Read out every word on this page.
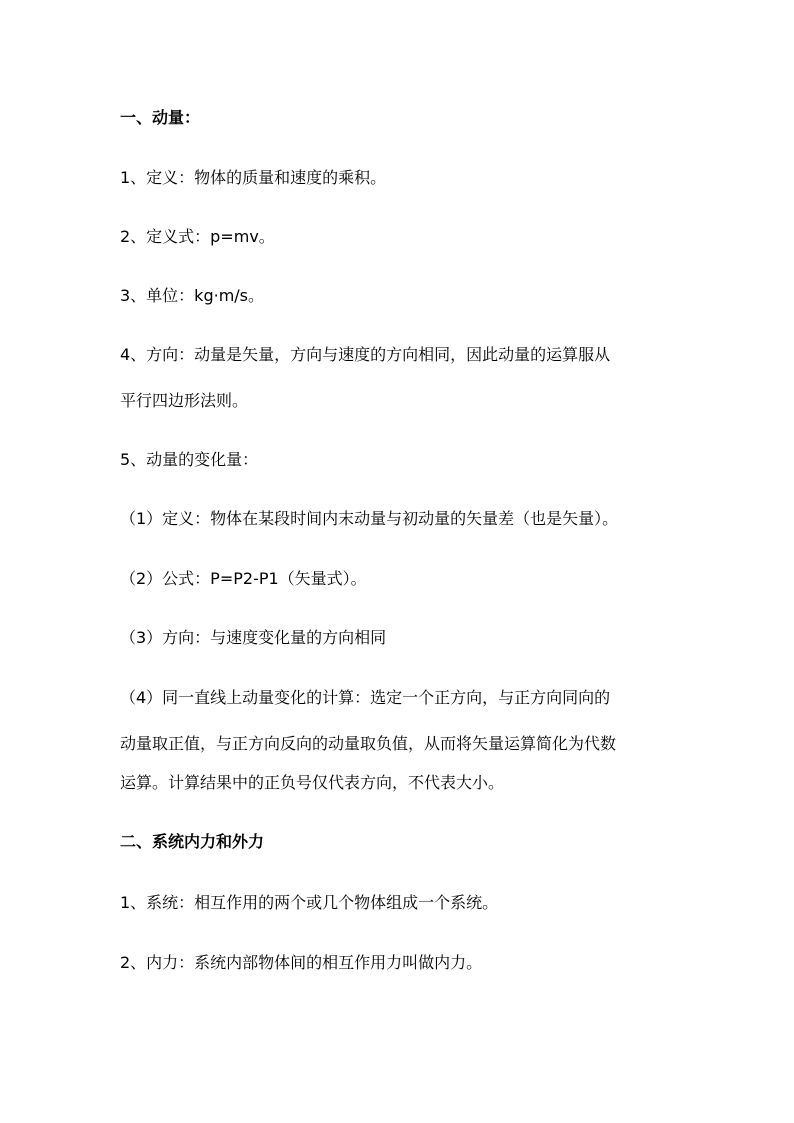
一、动量：
1、定义：物体的质量和速度的乘积。
2、定义式：p=mv。
3、单位：kg·m/s。
4、方向：动量是矢量，方向与速度的方向相同，因此动量的运算服从
平行四边形法则。
5、动量的变化量：
（1）定义：物体在某段时间内末动量与初动量的矢量差（也是矢量）。
（2）公式：P=P2-P1（矢量式）。
（3）方向：与速度变化量的方向相同
（4）同一直线上动量变化的计算：选定一个正方向，与正方向同向的
动量取正值，与正方向反向的动量取负值，从而将矢量运算简化为代数
运算。计算结果中的正负号仅代表方向，不代表大小。
二、系统内力和外力
1、系统：相互作用的两个或几个物体组成一个系统。
2、内力：系统内部物体间的相互作用力叫做内力。
